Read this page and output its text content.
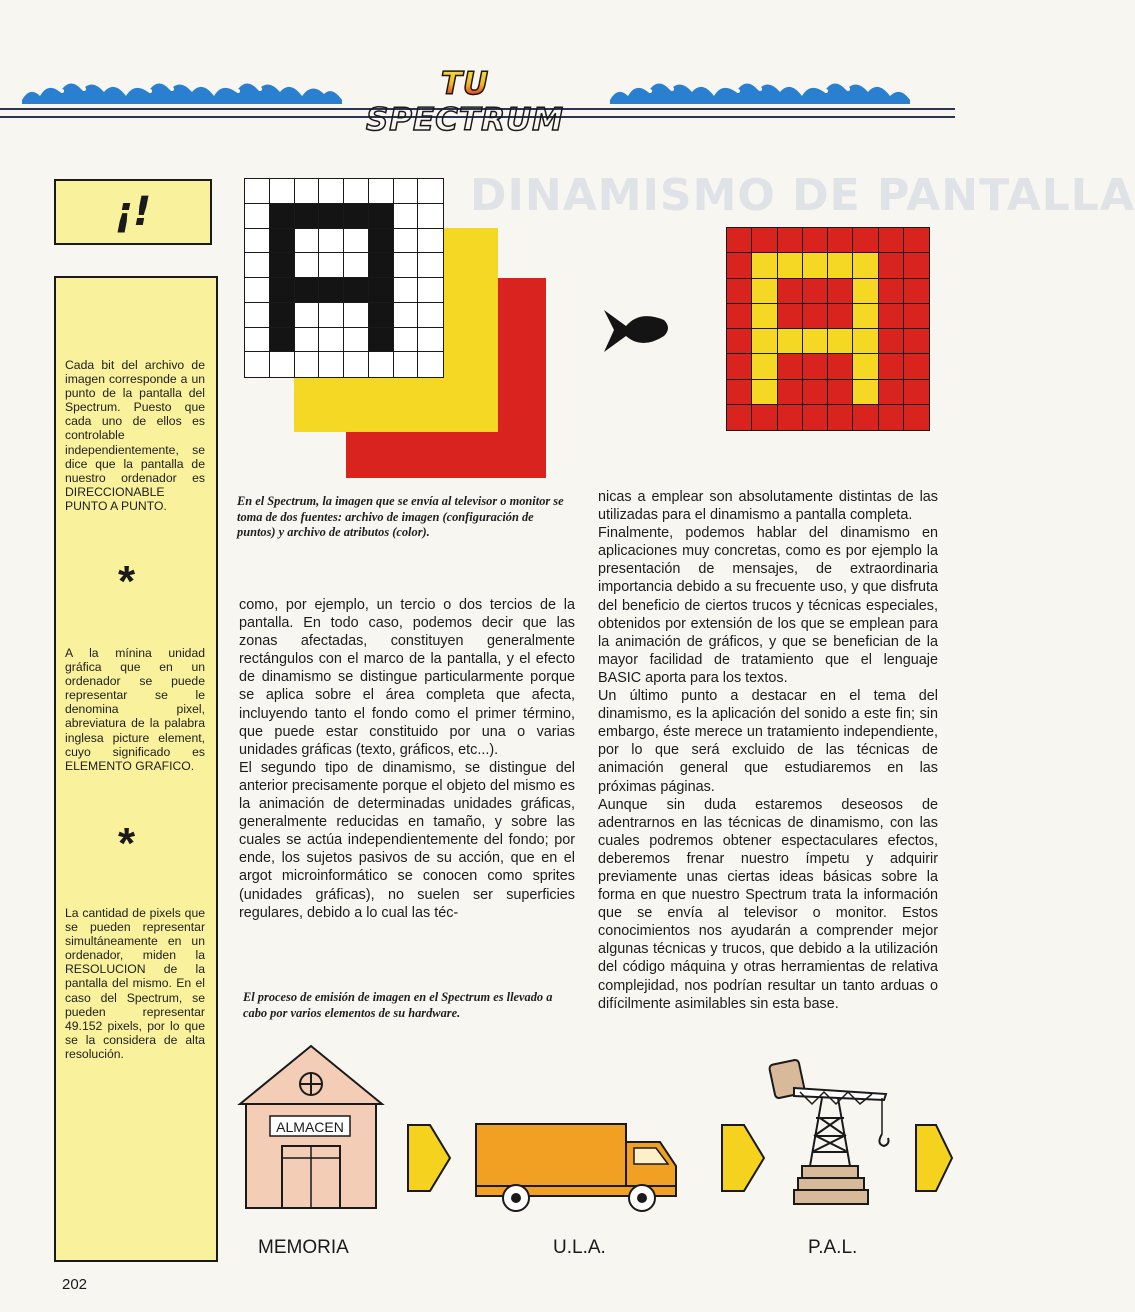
TU SPECTRUM
DINAMISMO DE PANTALLA
¡!
Cada bit del archivo de imagen corresponde a un punto de la pantalla del Spectrum. Puesto que cada uno de ellos es controlable independientemente, se dice que la pantalla de nuestro ordenador es DIRECCIONABLE PUNTO A PUNTO.
*
A la mínina unidad gráfica que en un ordenador se puede representar se le denomina pixel, abreviatura de la palabra inglesa picture element, cuyo significado es ELEMENTO GRAFICO.
*
La cantidad de pixels que se pueden representar simultáneamente en un ordenador, miden la RESOLUCION de la pantalla del mismo. En el caso del Spectrum, se pueden representar 49.152 pixels, por lo que se la considera de alta resolución.
En el Spectrum, la imagen que se envía al televisor o monitor se toma de dos fuentes: archivo de imagen (configuración de puntos) y archivo de atributos (color).
El proceso de emisión de imagen en el Spectrum es llevado a cabo por varios elementos de su hardware.

como, por ejemplo, un tercio o dos tercios de la pantalla. En todo caso, podemos decir que las zonas afectadas, constituyen generalmente rectángulos con el marco de la pantalla, y el efecto de dinamismo se distingue particularmente porque se aplica sobre el área completa que afecta, incluyendo tanto el fondo como el primer término, que puede estar constituido por una o varias unidades gráficas (texto, gráficos, etc...).
El segundo tipo de dinamismo, se distingue del anterior precisamente porque el objeto del mismo es la animación de determinadas unidades gráficas, generalmente reducidas en tamaño, y sobre las cuales se actúa independientemente del fondo; por ende, los sujetos pasivos de su acción, que en el argot microinformático se conocen como sprites (unidades gráficas), no suelen ser superficies regulares, debido a lo cual las téc-

nicas a emplear son absolutamente distintas de las utilizadas para el dinamismo a pantalla completa.
Finalmente, podemos hablar del dinamismo en aplicaciones muy concretas, como es por ejemplo la presentación de mensajes, de extraordinaria importancia debido a su frecuente uso, y que disfruta del beneficio de ciertos trucos y técnicas especiales, obtenidos por extensión de los que se emplean para la animación de gráficos, y que se benefician de la mayor facilidad de tratamiento que el lenguaje BASIC aporta para los textos.
Un último punto a destacar en el tema del dinamismo, es la aplicación del sonido a este fin; sin embargo, éste merece un tratamiento independiente, por lo que será excluido de las técnicas de animación general que estudiaremos en las próximas páginas.
Aunque sin duda estaremos deseosos de adentrarnos en las técnicas de dinamismo, con las cuales podremos obtener espectaculares efectos, deberemos frenar nuestro ímpetu y adquirir previamente unas ciertas ideas básicas sobre la forma en que nuestro Spectrum trata la información que se envía al televisor o monitor. Estos conocimientos nos ayudarán a comprender mejor algunas técnicas y trucos, que debido a la utilización del código máquina y otras herramientas de relativa complejidad, nos podrían resultar un tanto arduas o difícilmente asimilables sin esta base.

ALMACEN
MEMORIA	U.L.A.	P.A.L.
202
